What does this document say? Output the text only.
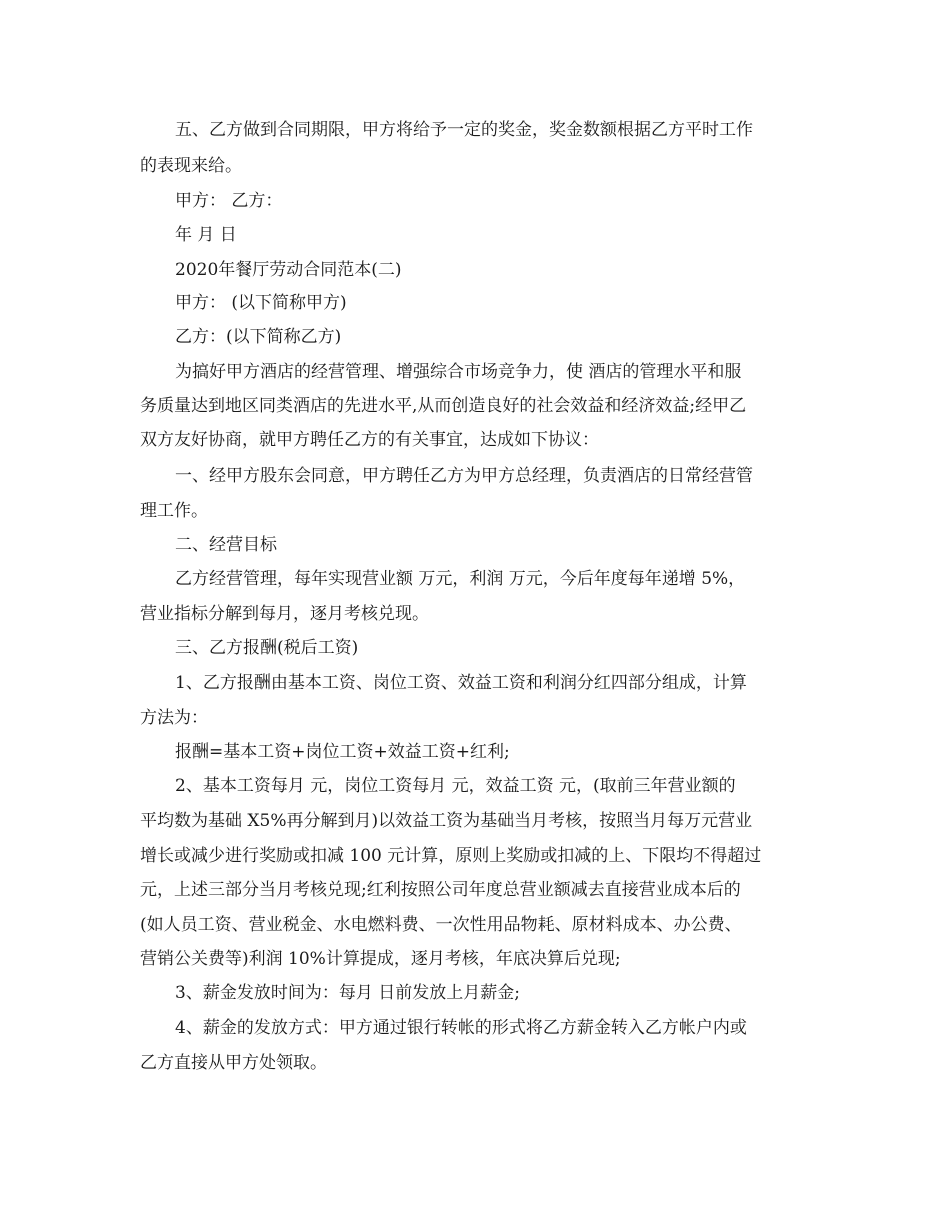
五、乙方做到合同期限，甲方将给予一定的奖金，奖金数额根据乙方平时工作
的表现来给。
甲方： 乙方：
年 月 日
2020年餐厅劳动合同范本(二)
甲方： (以下简称甲方)
乙方：(以下简称乙方)
为搞好甲方酒店的经营管理、增强综合市场竞争力，使 酒店的管理水平和服
务质量达到地区同类酒店的先进水平,从而创造良好的社会效益和经济效益;经甲乙
双方友好协商，就甲方聘任乙方的有关事宜，达成如下协议：
一、经甲方股东会同意，甲方聘任乙方为甲方总经理，负责酒店的日常经营管
理工作。
二、经营目标
乙方经营管理，每年实现营业额 万元，利润 万元，今后年度每年递增 5%，
营业指标分解到每月，逐月考核兑现。
三、乙方报酬(税后工资)
1、乙方报酬由基本工资、岗位工资、效益工资和利润分红四部分组成，计算
方法为：
报酬=基本工资+岗位工资+效益工资+红利;
2、基本工资每月 元，岗位工资每月 元，效益工资 元，(取前三年营业额的
平均数为基础 X5%再分解到月)以效益工资为基础当月考核，按照当月每万元营业
增长或减少进行奖励或扣减 100 元计算，原则上奖励或扣减的上、下限均不得超过
元，上述三部分当月考核兑现;红利按照公司年度总营业额减去直接营业成本后的
(如人员工资、营业税金、水电燃料费、一次性用品物耗、原材料成本、办公费、
营销公关费等)利润 10%计算提成，逐月考核，年底决算后兑现;
3、薪金发放时间为：每月 日前发放上月薪金;
4、薪金的发放方式：甲方通过银行转帐的形式将乙方薪金转入乙方帐户内或
乙方直接从甲方处领取。
